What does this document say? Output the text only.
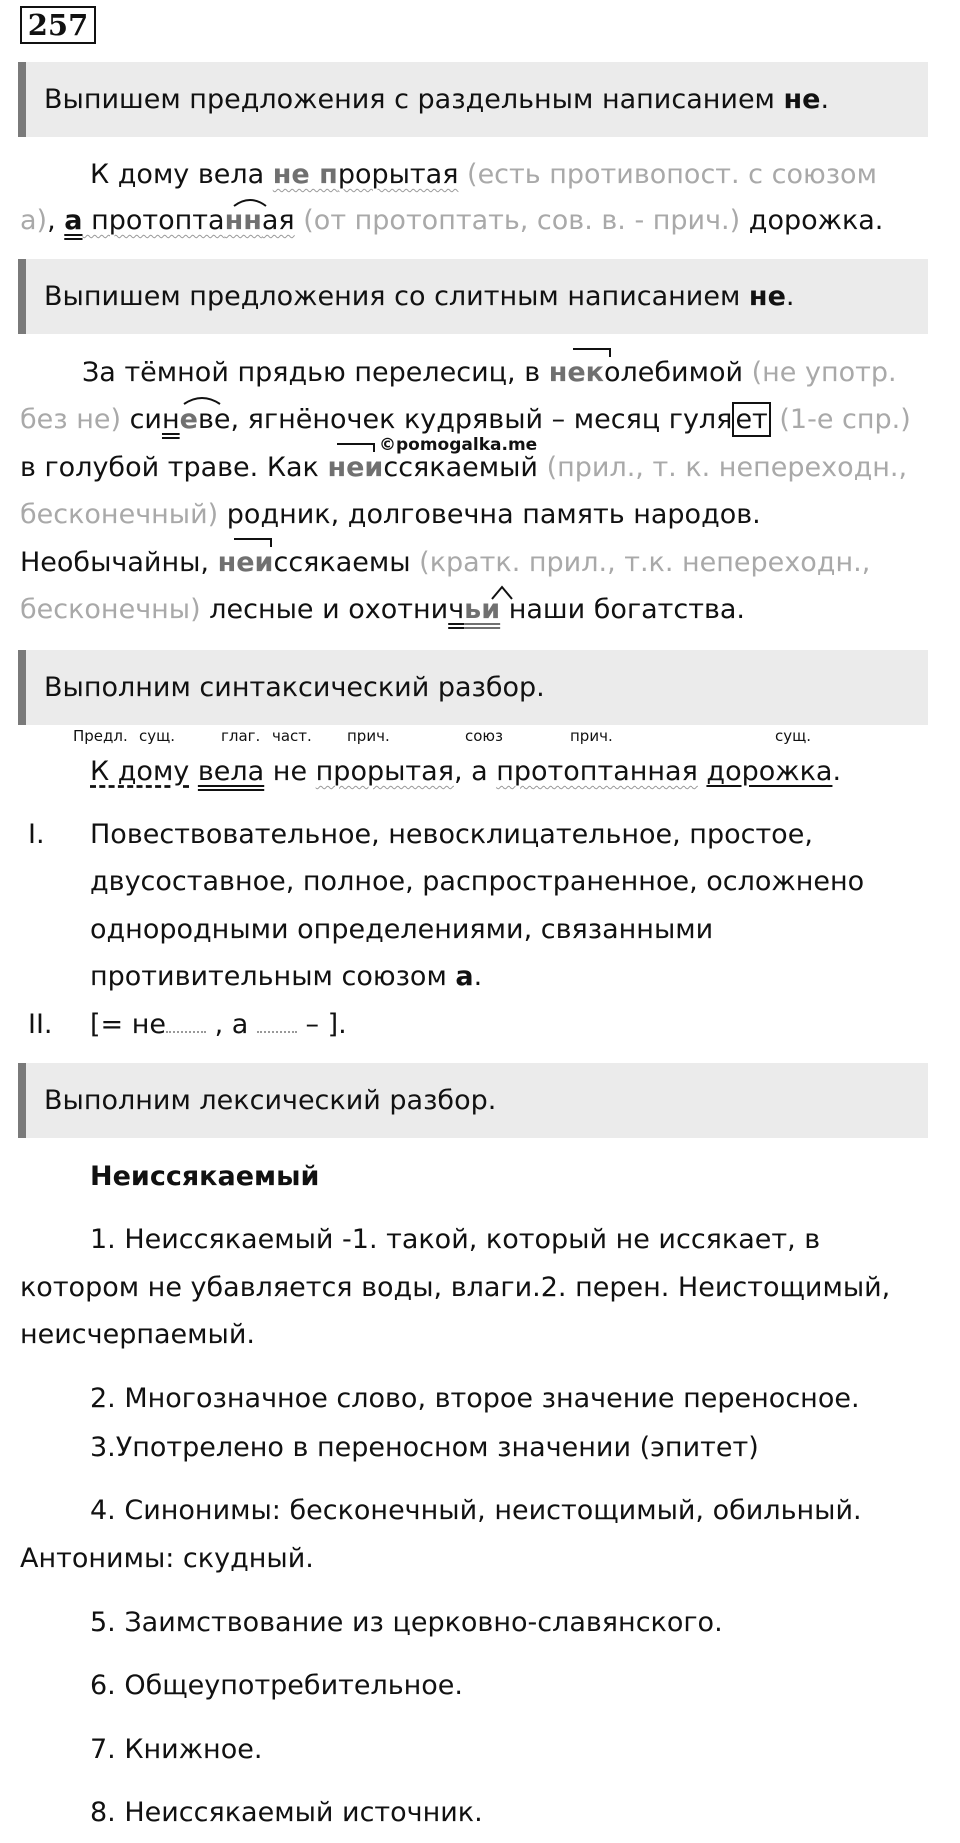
257
Выпишем предложения с раздельным написанием не.
К дому вела не прорытая (есть противопост. с союзом
а), а протоптанная (от протоптать, сов. в. - прич.) дорожка.
Выпишем предложения со слитным написанием не.
За тёмной прядью перелесиц, в неколебимой (не употр.
без не) синеве, ягнёночек кудрявый – месяц гуля ет (1-е спр.)
в голубой траве. Как неиссякаемый (прил., т. к. непереходн.,
©pomogalka.me
бесконечный) родник, долговечна память народов.
Необычайны, неиссякаемы (кратк. прил., т.к. непереходн.,
бесконечны) лесные и охотничьи наши богатства.
Выполним синтаксический разбор.
Предл. сущ.	глаг. част. прич.	союз	прич.	сущ.
К дому вела не прорытая, а протоптанная дорожка.
I. Повествовательное, невосклицательное, простое,
двусоставное, полное, распространенное, осложнено
однородными определениями, связанными
противительным союзом а.
II. [= не , а  – ].
Выполним лексический разбор.
Неиссякаемый
1. Неиссякаемый -1. такой, который не иссякает, в
котором не убавляется воды, влаги.2. перен. Неистощимый,
неисчерпаемый.
2. Многозначное слово, второе значение переносное.
3.Употрелено в переносном значении (эпитет)
4. Синонимы: бесконечный, неистощимый, обильный.
Антонимы: скудный.
5. Заимствование из церковно-славянского.
6. Общеупотребительное.
7. Книжное.
8. Неиссякаемый источник.
